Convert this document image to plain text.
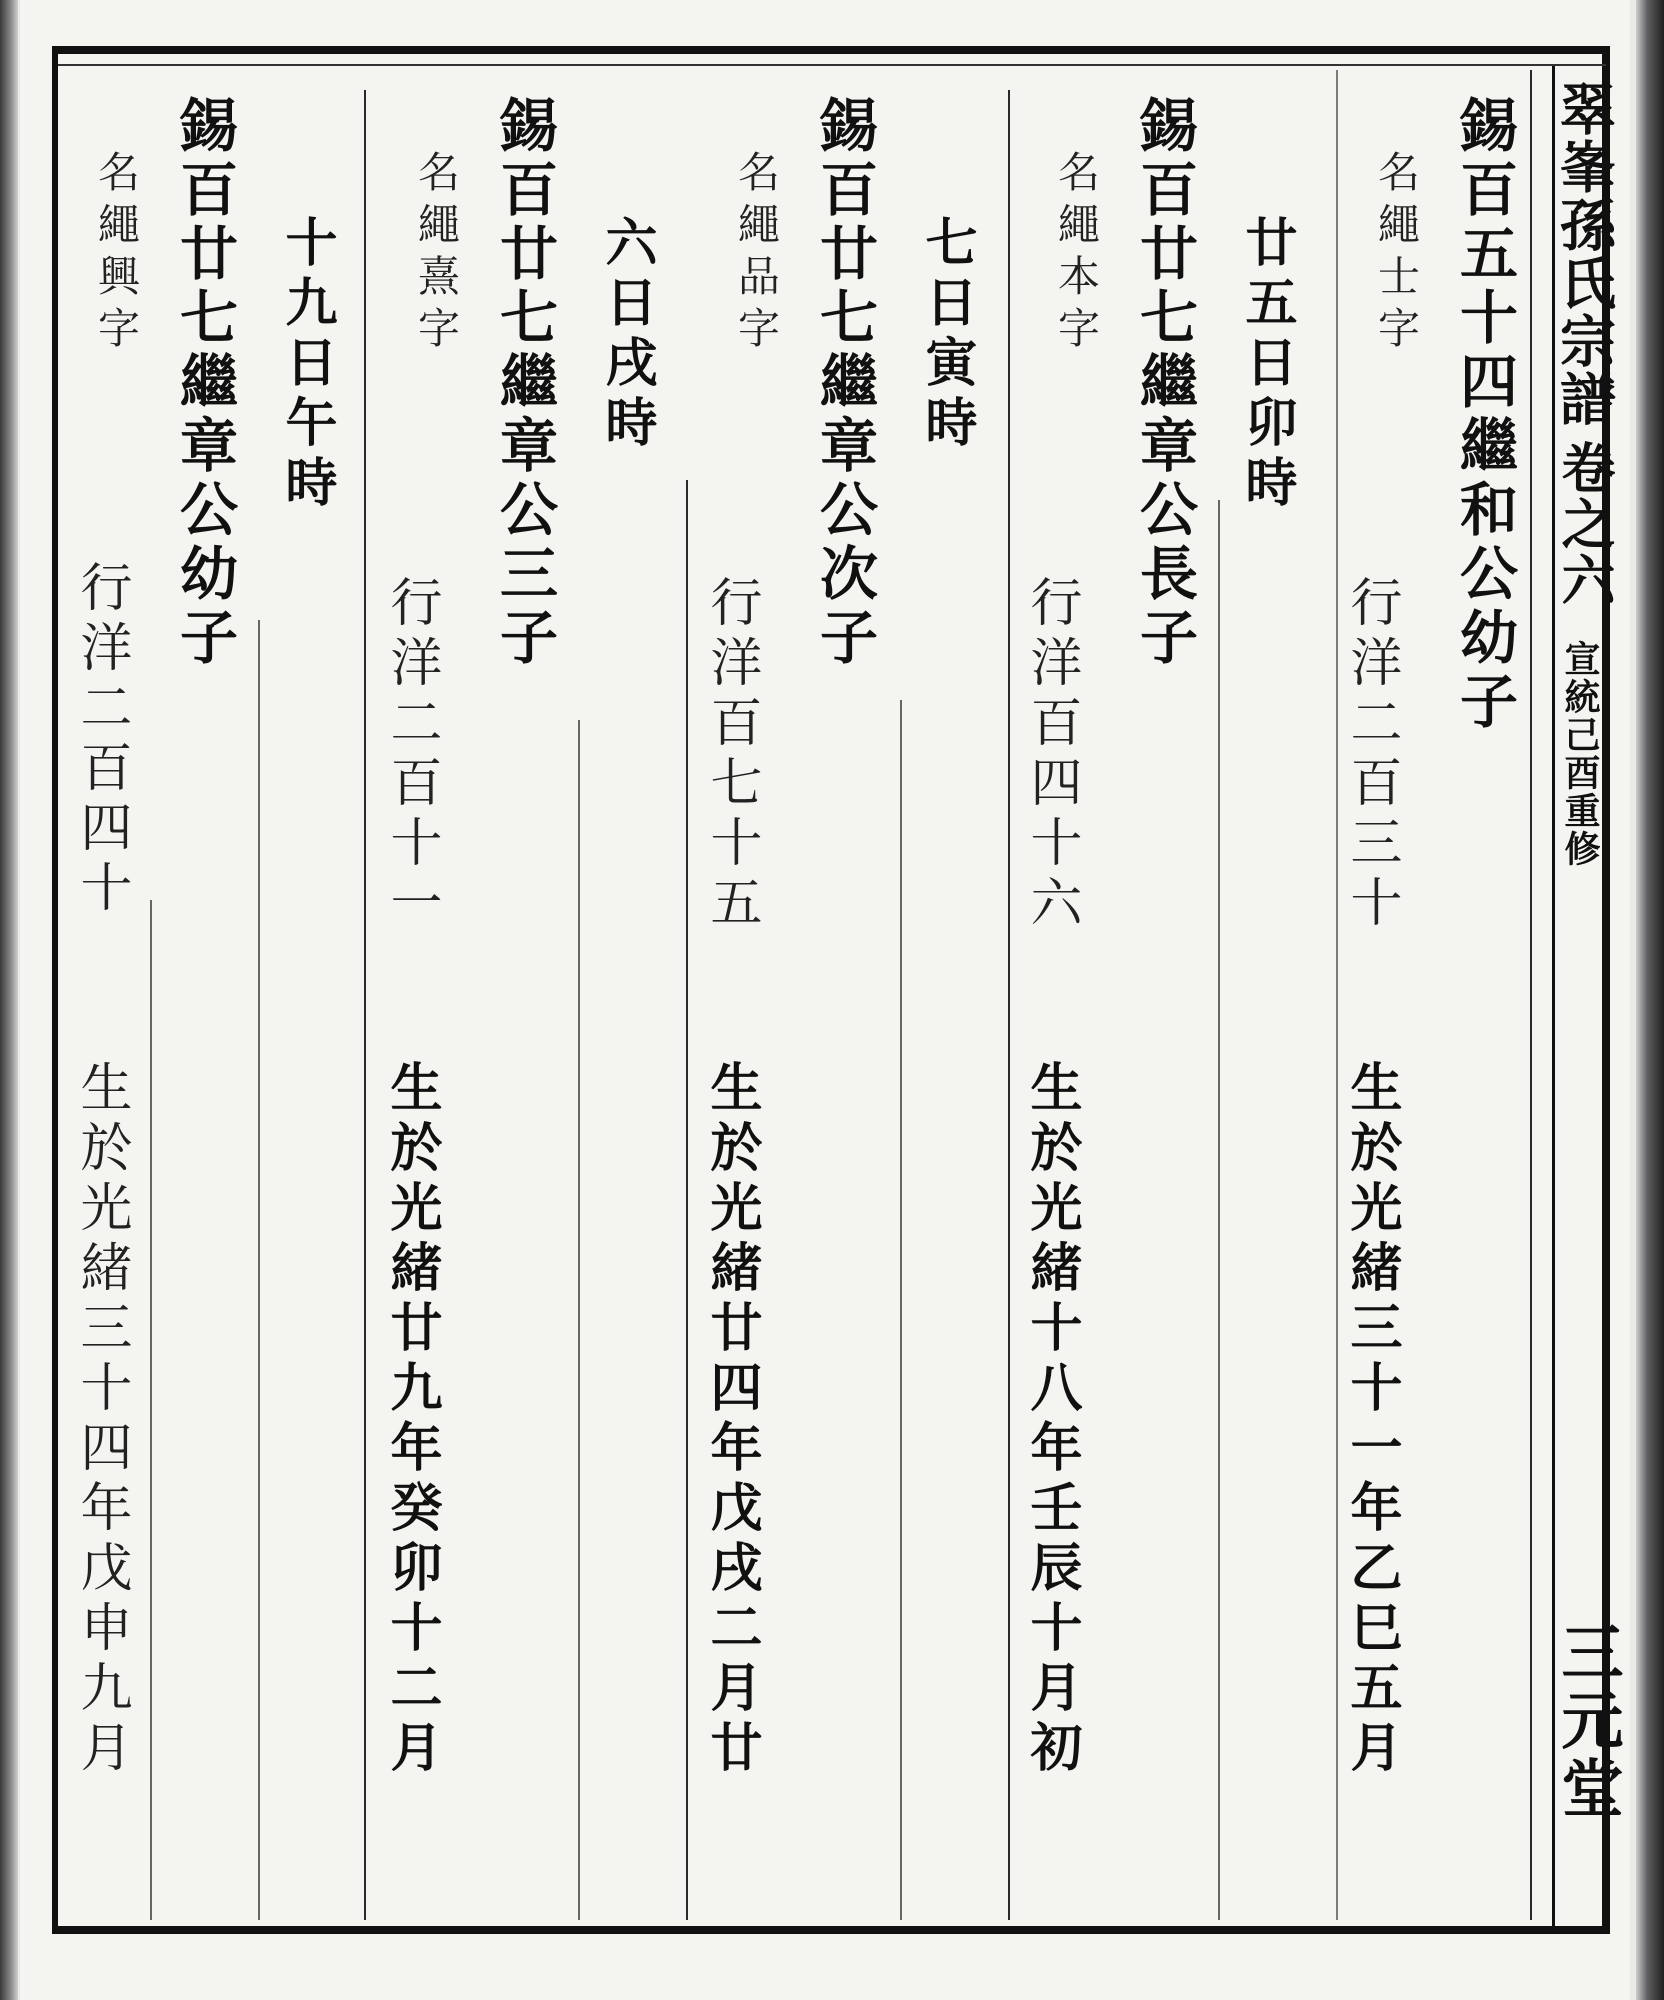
翠峯孫氏宗譜
卷之六
宣統己酉重修
三元堂
錫百五十四繼和公幼子
名繩士字
行洋二百三十
生於光緒三十一年乙巳五月
廿五日卯時
錫百廿七繼章公長子
名繩本字
行洋百四十六
生於光緒十八年壬辰十月初
七日寅時
錫百廿七繼章公次子
名繩品字
行洋百七十五
生於光緒廿四年戊戌二月廿
六日戌時
錫百廿七繼章公三子
名繩熹字
行洋二百十一
生於光緒廿九年癸卯十二月
十九日午時
錫百廿七繼章公幼子
名繩興字
行洋二百四十
生於光緒三十四年戊申九月
